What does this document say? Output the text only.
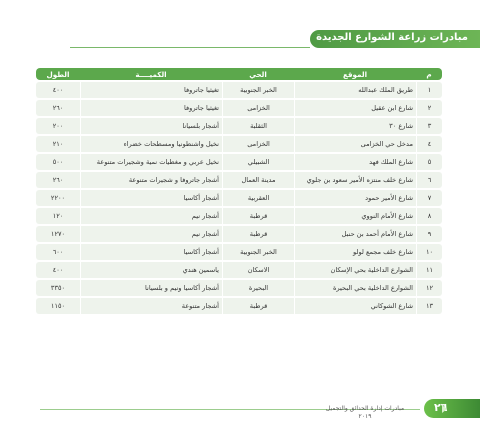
مبادرات زراعة الشوارع الجديدة
م	الموقع	الحي	الكميــــة	الطول
١	طريق الملك عبدالله	الخبر الجنوبية	تغيثيا جاتروفا	٤٠٠
٢	شارع ابن عقيل	الخزامى	تغيثيا جاتروفا	٢٦٠
٣	شارع ٣٠	الثقلبة	أشجار بلسيانا	٢٠٠
٤	مدخل حي الخزامى	الخزامى	نخيل واشنطونيا ومسطحات خضراء	٢١٠
٥	شارع الملك فهد	الشبيلي	نخيل عربي و مغطيات نمية وشجيرات متنوعة	٥٠٠
٦	شارع خلف منتزه الأمير سعود بن جلوي	مدينة العمال	أشجار جاتروفا و شجيرات متنوعة	٢٦٠
٧	شارع الأمير حمود	العقربية	أشجار أكاسيا	٢٢٠٠
٨	شارع الأمام النووي	قرطبة	أشجار نيم	١٢٠
٩	شارع الأمام أحمد بن حنبل	قرطبة	أشجار نيم	١٢٧٠
١٠	شارع خلف مجمع لولو	الخبر الجنوبية	أشجار أكاسيا	٦٠٠
١١	الشوارع الداخلية بحي الإسكان	الاسكان	ياسمين هندي	٤٠٠
١٢	الشوارع الداخلية بحي البحيرة	البحيرة	أشجار أكاسيا ونيم و بلسيانا	٣٣٥٠
١٣	شارع الشوكاني	قرطبة	أشجار متنوعة	١١٥٠
مبادرات إدارة الحدائق والتجميل
٢٠١٩
٢٦
